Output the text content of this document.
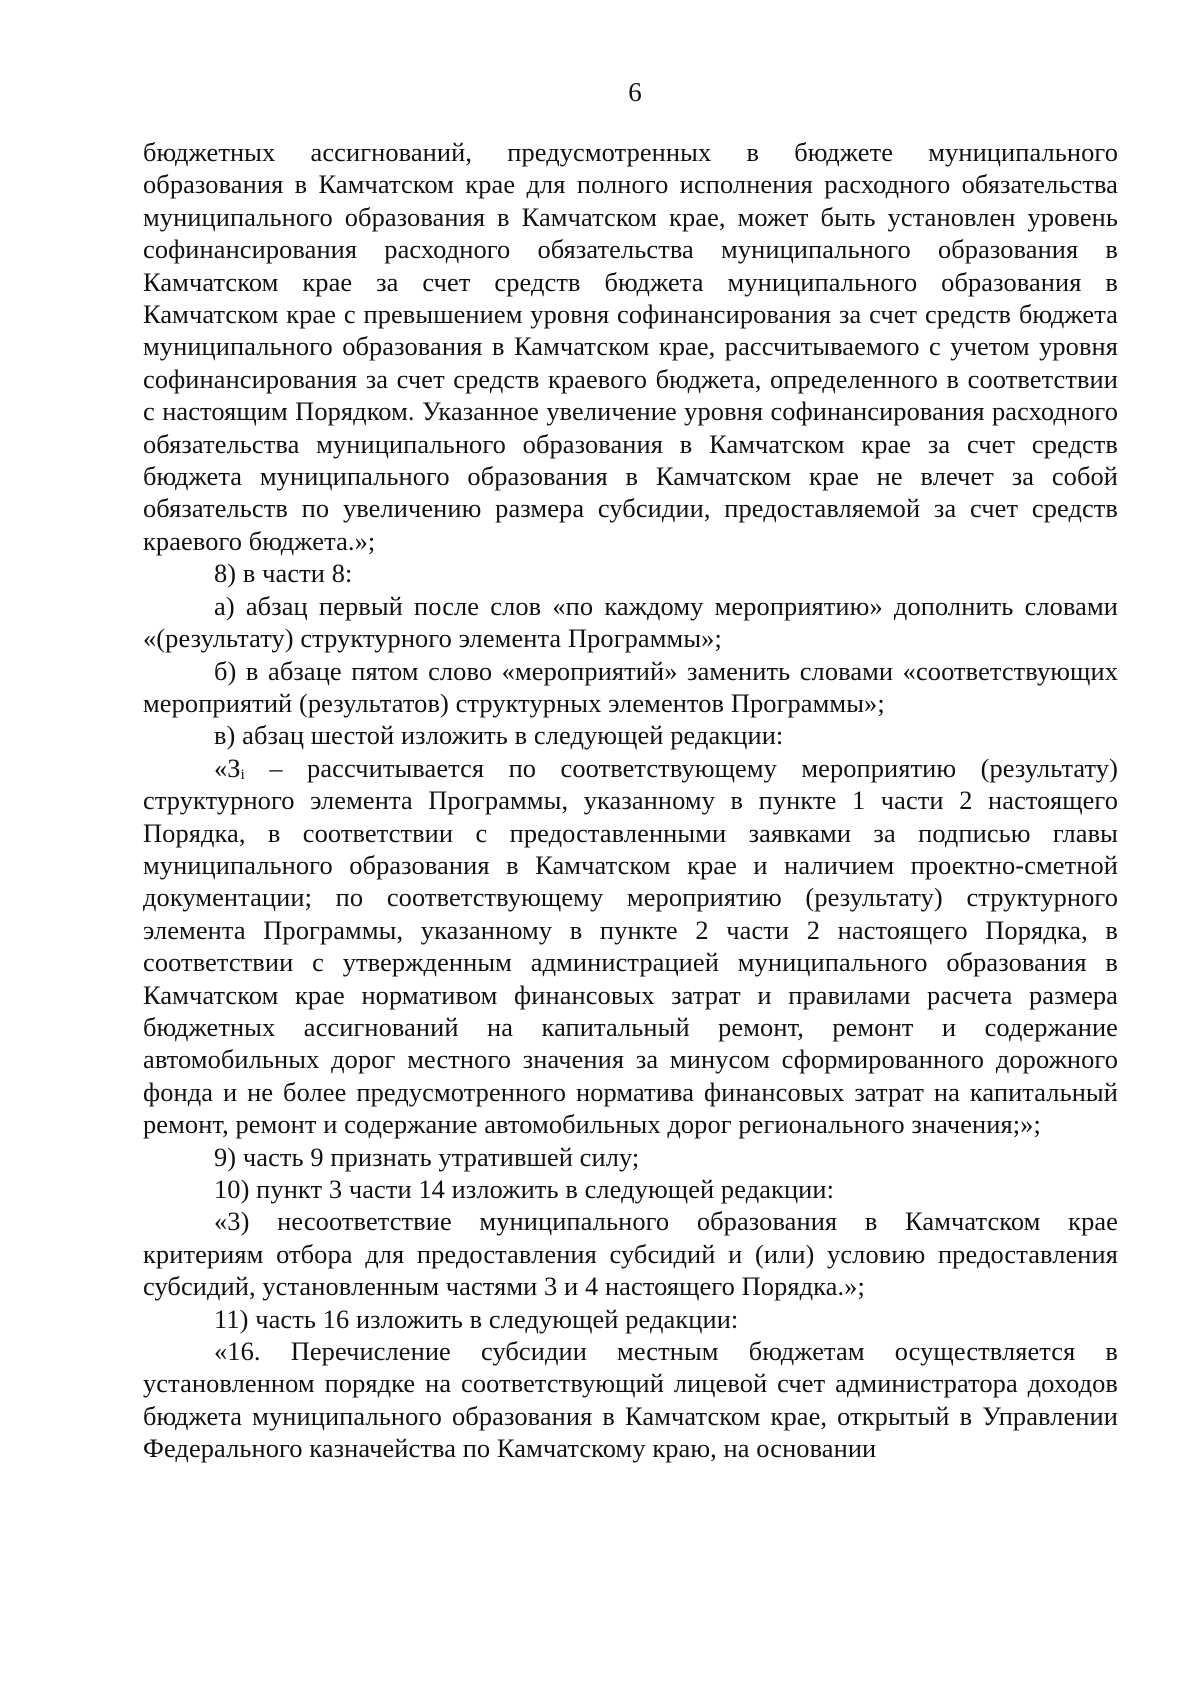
6

бюджетных ассигнований, предусмотренных в бюджете муниципального образования в Камчатском крае для полного исполнения расходного обязательства муниципального образования в Камчатском крае, может быть установлен уровень софинансирования расходного обязательства муниципального образования в Камчатском крае за счет средств бюджета муниципального образования в Камчатском крае с превышением уровня софинансирования за счет средств бюджета муниципального образования в Камчатском крае, рассчитываемого с учетом уровня софинансирования за счет средств краевого бюджета, определенного в соответствии с настоящим Порядком. Указанное увеличение уровня софинансирования расходного обязательства муниципального образования в Камчатском крае за счет средств бюджета муниципального образования в Камчатском крае не влечет за собой обязательств по увеличению размера субсидии, предоставляемой за счет средств краевого бюджета.»;

8) в части 8:

а) абзац первый после слов «по каждому мероприятию» дополнить словами «(результату) структурного элемента Программы»;

б) в абзаце пятом слово «мероприятий» заменить словами «соответствующих мероприятий (результатов) структурных элементов Программы»;

в) абзац шестой изложить в следующей редакции:

«$З_i$ – рассчитывается по соответствующему мероприятию (результату) структурного элемента Программы, указанному в пункте 1 части 2 настоящего Порядка, в соответствии с предоставленными заявками за подписью главы муниципального образования в Камчатском крае и наличием проектно-сметной документации; по соответствующему мероприятию (результату) структурного элемента Программы, указанному в пункте 2 части 2 настоящего Порядка, в соответствии с утвержденным администрацией муниципального образования в Камчатском крае нормативом финансовых затрат и правилами расчета размера бюджетных ассигнований на капитальный ремонт, ремонт и содержание автомобильных дорог местного значения за минусом сформированного дорожного фонда и не более предусмотренного норматива финансовых затрат на капитальный ремонт, ремонт и содержание автомобильных дорог регионального значения;»;

9) часть 9 признать утратившей силу;

10) пункт 3 части 14 изложить в следующей редакции:

«3) несоответствие муниципального образования в Камчатском крае критериям отбора для предоставления субсидий и (или) условию предоставления субсидий, установленным частями 3 и 4 настоящего Порядка.»;

11) часть 16 изложить в следующей редакции:

«16. Перечисление субсидии местным бюджетам осуществляется в установленном порядке на соответствующий лицевой счет администратора доходов бюджета муниципального образования в Камчатском крае, открытый в Управлении Федерального казначейства по Камчатскому краю, на основании
